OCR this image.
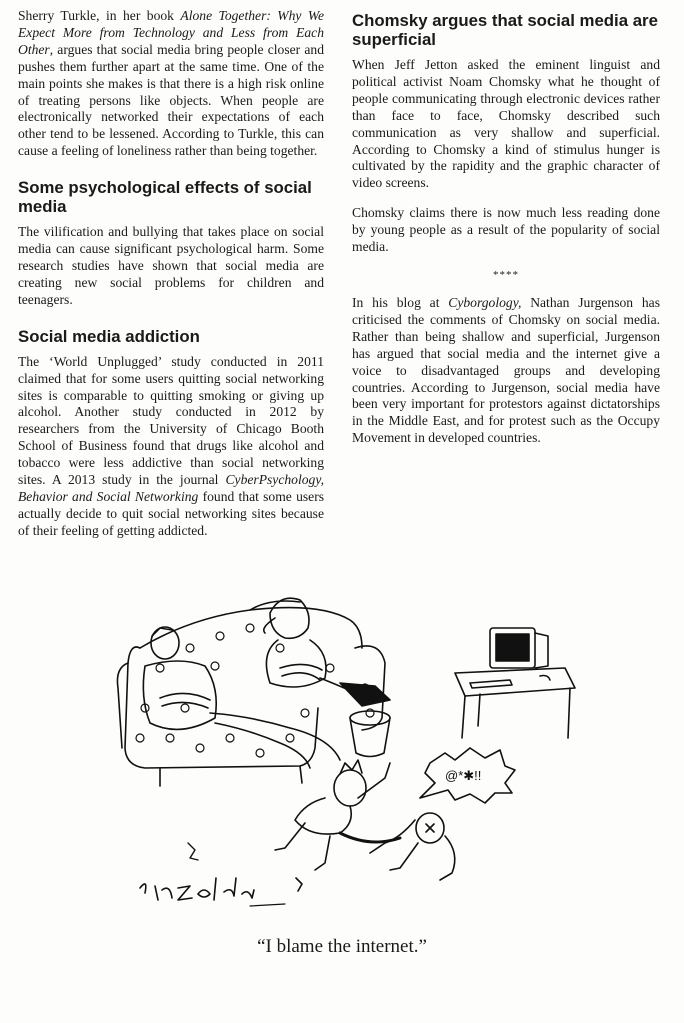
Sherry Turkle, in her book Alone Together: Why We Expect More from Technology and Less from Each Other, argues that social media bring people closer and pushes them further apart at the same time. One of the main points she makes is that there is a high risk online of treating persons like objects. When people are electronically networked their expectations of each other tend to be lessened. According to Turkle, this can cause a feeling of loneliness rather than being together.

Some psychological effects of social media

The vilification and bullying that takes place on social media can cause significant psychological harm. Some research studies have shown that social media are creating new social problems for children and teenagers.

Social media addiction

The ‘World Unplugged’ study conducted in 2011 claimed that for some users quitting social networking sites is comparable to quitting smoking or giving up alcohol. Another study conducted in 2012 by researchers from the University of Chicago Booth School of Business found that drugs like alcohol and tobacco were less addictive than social networking sites. A 2013 study in the journal CyberPsychology, Behavior and Social Networking found that some users actually decide to quit social networking sites because of their feeling of getting addicted.

Chomsky argues that social media are superficial

When Jeff Jetton asked the eminent linguist and political activist Noam Chomsky what he thought of people communicating through electronic devices rather than face to face, Chomsky described such communication as very shallow and superficial. According to Chomsky a kind of stimulus hunger is cultivated by the rapidity and the graphic character of video screens.

Chomsky claims there is now much less reading done by young people as a result of the popularity of social media.

****

In his blog at Cyborgology, Nathan Jurgenson has criticised the comments of Chomsky on social media. Rather than being shallow and superficial, Jurgenson has argued that social media and the internet give a voice to disadvantaged groups and developing countries. According to Jurgenson, social media have been very important for protestors against dictatorships in the Middle East, and for protest such as the Occupy Movement in developed countries.

@*✱!!
“I blame the internet.”
